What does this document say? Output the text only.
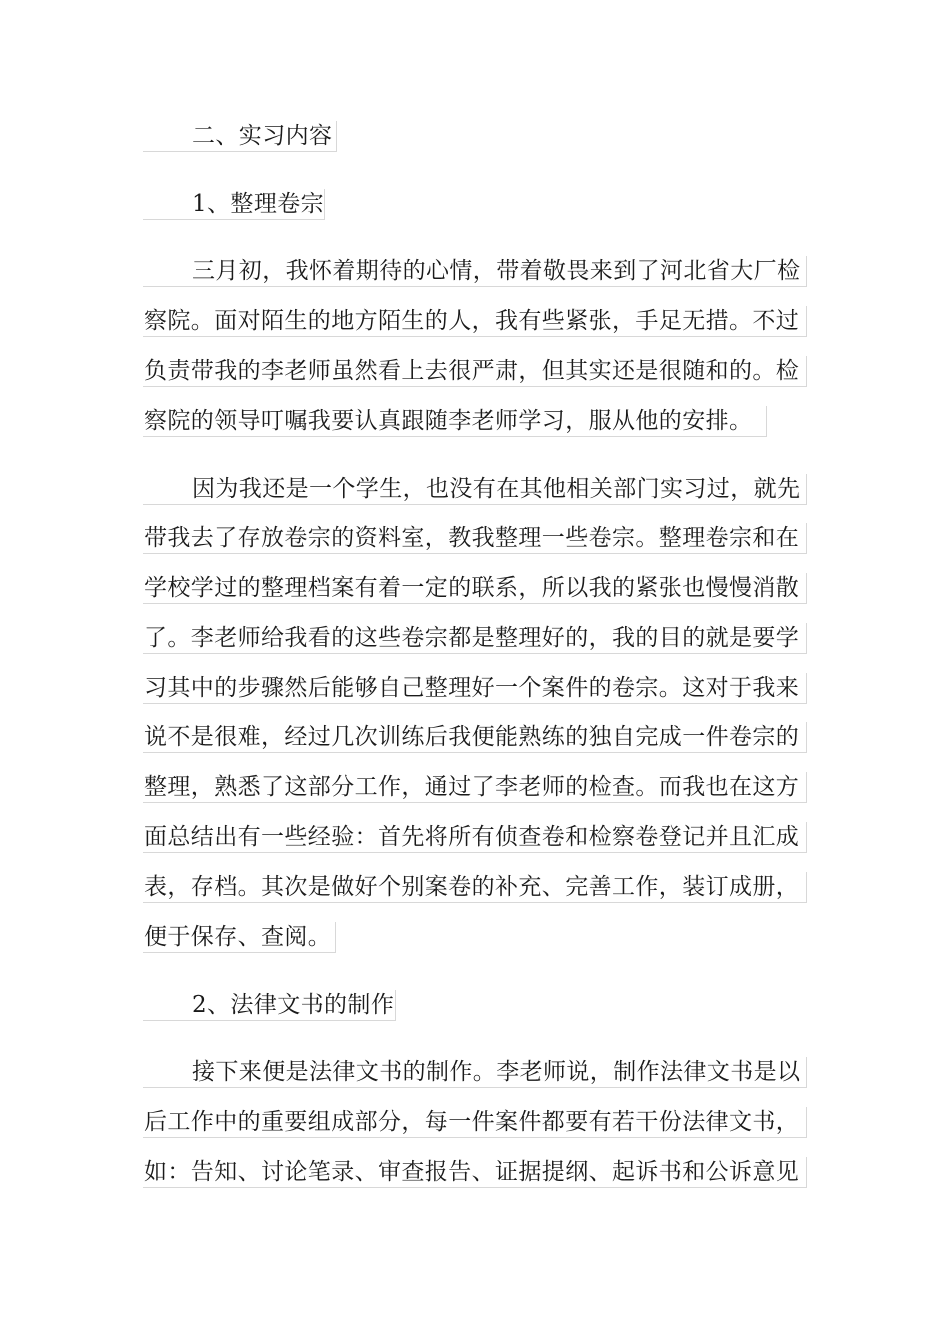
二、实习内容
1、整理卷宗
三月初，我怀着期待的心情，带着敬畏来到了河北省大厂检
察院。面对陌生的地方陌生的人，我有些紧张，手足无措。不过
负责带我的李老师虽然看上去很严肃，但其实还是很随和的。检
察院的领导叮嘱我要认真跟随李老师学习，服从他的安排。
因为我还是一个学生，也没有在其他相关部门实习过，就先
带我去了存放卷宗的资料室，教我整理一些卷宗。整理卷宗和在
学校学过的整理档案有着一定的联系，所以我的紧张也慢慢消散
了。李老师给我看的这些卷宗都是整理好的，我的目的就是要学
习其中的步骤然后能够自己整理好一个案件的卷宗。这对于我来
说不是很难，经过几次训练后我便能熟练的独自完成一件卷宗的
整理，熟悉了这部分工作，通过了李老师的检查。而我也在这方
面总结出有一些经验：首先将所有侦查卷和检察卷登记并且汇成
表，存档。其次是做好个别案卷的补充、完善工作，装订成册，
便于保存、查阅。
2、法律文书的制作
接下来便是法律文书的制作。李老师说，制作法律文书是以
后工作中的重要组成部分，每一件案件都要有若干份法律文书，
如：告知、讨论笔录、审查报告、证据提纲、起诉书和公诉意见
